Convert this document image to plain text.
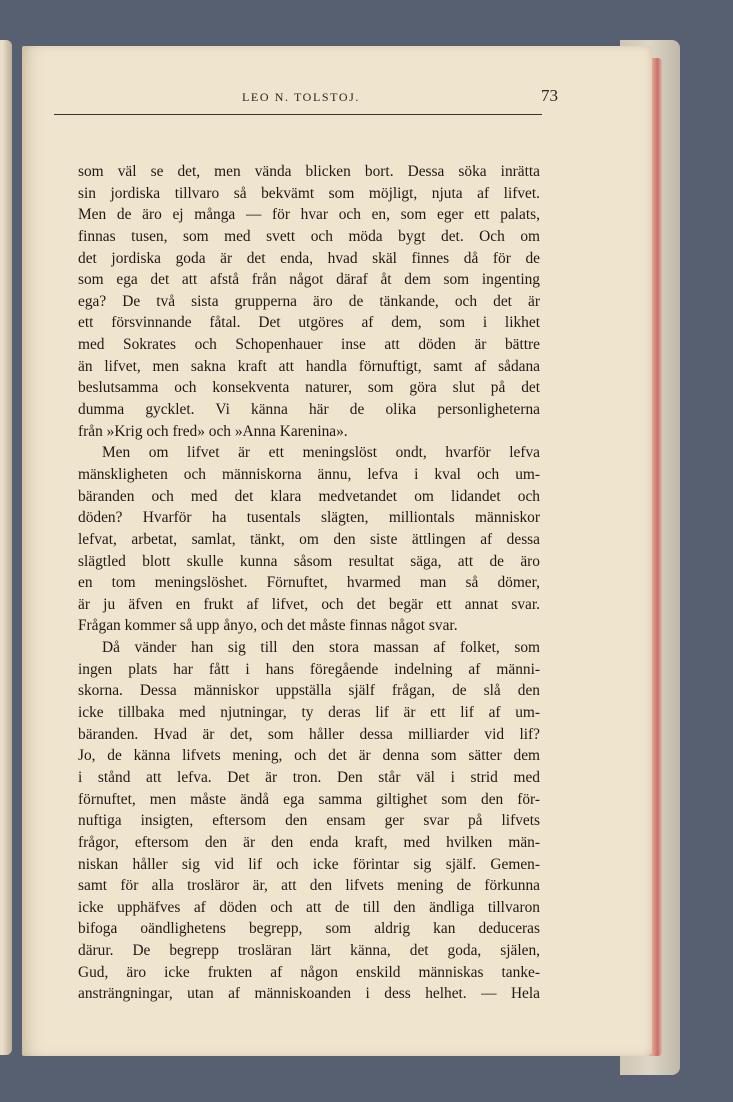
LEO N. TOLSTOJ.	73
som väl se det, men vända blicken bort. Dessa söka inrätta
sin jordiska tillvaro så bekvämt som möjligt, njuta af lifvet.
Men de äro ej många — för hvar och en, som eger ett palats,
finnas tusen, som med svett och möda bygt det. Och om
det jordiska goda är det enda, hvad skäl finnes då för de
som ega det att afstå från något däraf åt dem som ingenting
ega? De två sista grupperna äro de tänkande, och det är
ett försvinnande fåtal. Det utgöres af dem, som i likhet
med Sokrates och Schopenhauer inse att döden är bättre
än lifvet, men sakna kraft att handla förnuftigt, samt af sådana
beslutsamma och konsekventa naturer, som göra slut på det
dumma gycklet. Vi känna här de olika personligheterna
från »Krig och fred» och »Anna Karenina».
Men om lifvet är ett meningslöst ondt, hvarför lefva
mänskligheten och människorna ännu, lefva i kval och um-
bäranden och med det klara medvetandet om lidandet och
döden? Hvarför ha tusentals slägten, milliontals människor
lefvat, arbetat, samlat, tänkt, om den siste ättlingen af dessa
slägtled blott skulle kunna såsom resultat säga, att de äro
en tom meningslöshet. Förnuftet, hvarmed man så dömer,
är ju äfven en frukt af lifvet, och det begär ett annat svar.
Frågan kommer så upp ånyo, och det måste finnas något svar.
Då vänder han sig till den stora massan af folket, som
ingen plats har fått i hans föregående indelning af männi-
skorna. Dessa människor uppställa själf frågan, de slå den
icke tillbaka med njutningar, ty deras lif är ett lif af um-
bäranden. Hvad är det, som håller dessa milliarder vid lif?
Jo, de känna lifvets mening, och det är denna som sätter dem
i stånd att lefva. Det är tron. Den står väl i strid med
förnuftet, men måste ändå ega samma giltighet som den för-
nuftiga insigten, eftersom den ensam ger svar på lifvets
frågor, eftersom den är den enda kraft, med hvilken män-
niskan håller sig vid lif och icke förintar sig själf. Gemen-
samt för alla trosläror är, att den lifvets mening de förkunna
icke upphäfves af döden och att de till den ändliga tillvaron
bifoga oändlighetens begrepp, som aldrig kan deduceras
därur. De begrepp trosläran lärt känna, det goda, själen,
Gud, äro icke frukten af någon enskild människas tanke-
ansträngningar, utan af människoanden i dess helhet. — Hela
